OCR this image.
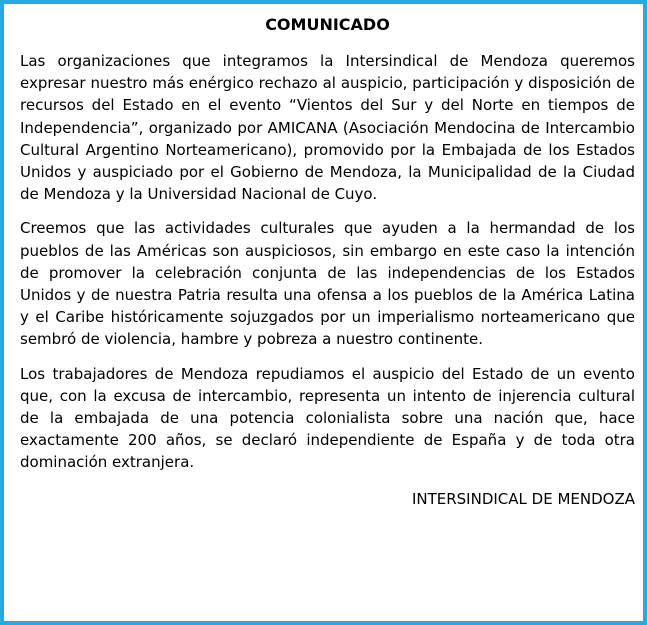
COMUNICADO

Las organizaciones que integramos la Intersindical de Mendoza queremos expresar nuestro más enérgico rechazo al auspicio, participación y disposición de recursos del Estado en el evento “Vientos del Sur y del Norte en tiempos de Independencia”, organizado por AMICANA (Asociación Mendocina de Intercambio Cultural Argentino Norteamericano), promovido por la Embajada de los Estados Unidos y auspiciado por el Gobierno de Mendoza, la Municipalidad de la Ciudad de Mendoza y la Universidad Nacional de Cuyo.

Creemos que las actividades culturales que ayuden a la hermandad de los pueblos de las Américas son auspiciosos, sin embargo en este caso la intención de promover la celebración conjunta de las independencias de los Estados Unidos y de nuestra Patria resulta una ofensa a los pueblos de la América Latina y el Caribe históricamente sojuzgados por un imperialismo norteamericano que sembró de violencia, hambre y pobreza a nuestro continente.

Los trabajadores de Mendoza repudiamos el auspicio del Estado de un evento que, con la excusa de intercambio, representa un intento de injerencia cultural de la embajada de una potencia colonialista sobre una nación que, hace exactamente 200 años, se declaró independiente de España y de toda otra dominación extranjera.

INTERSINDICAL DE MENDOZA
